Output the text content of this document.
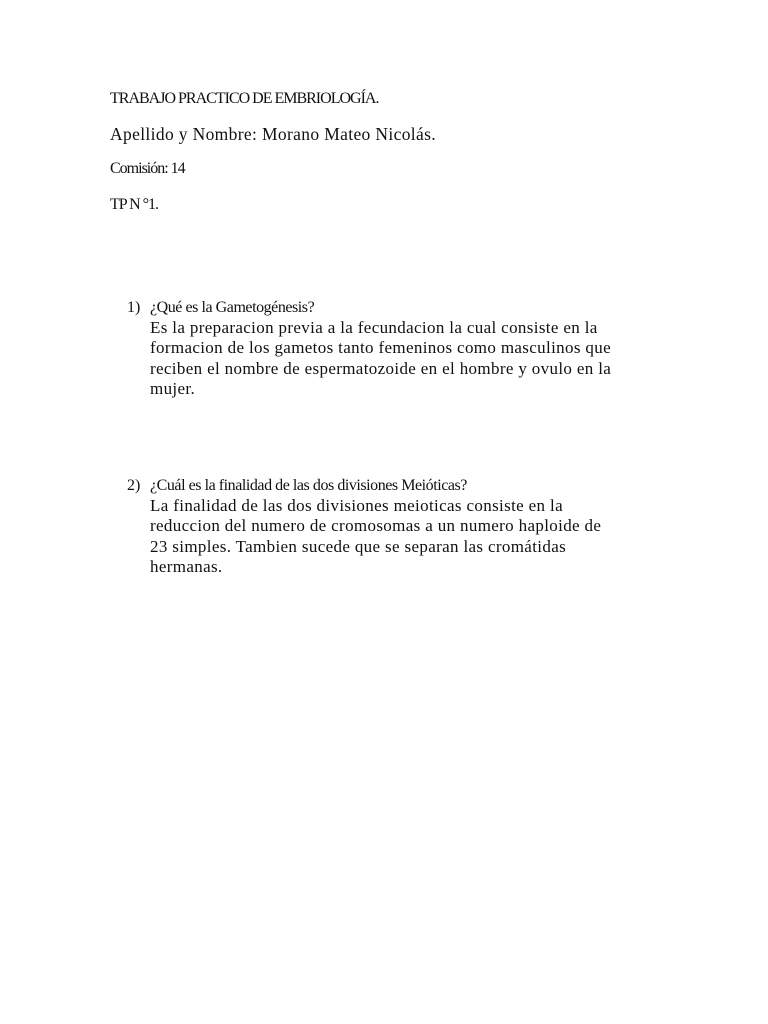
TRABAJO PRACTICO DE EMBRIOLOGÍA.
Apellido y Nombre: Morano Mateo Nicolás.
Comisión: 14
TP N °1.
1) ¿Qué es la Gametogénesis?
Es la preparacion previa a la fecundacion la cual consiste en la
formacion de los gametos tanto femeninos como masculinos que
reciben el nombre de espermatozoide en el hombre y ovulo en la
mujer.
2) ¿Cuál es la finalidad de las dos divisiones Meióticas?
La finalidad de las dos divisiones meioticas consiste en la
reduccion del numero de cromosomas a un numero haploide de
23 simples. Tambien sucede que se separan las cromátidas
hermanas.
